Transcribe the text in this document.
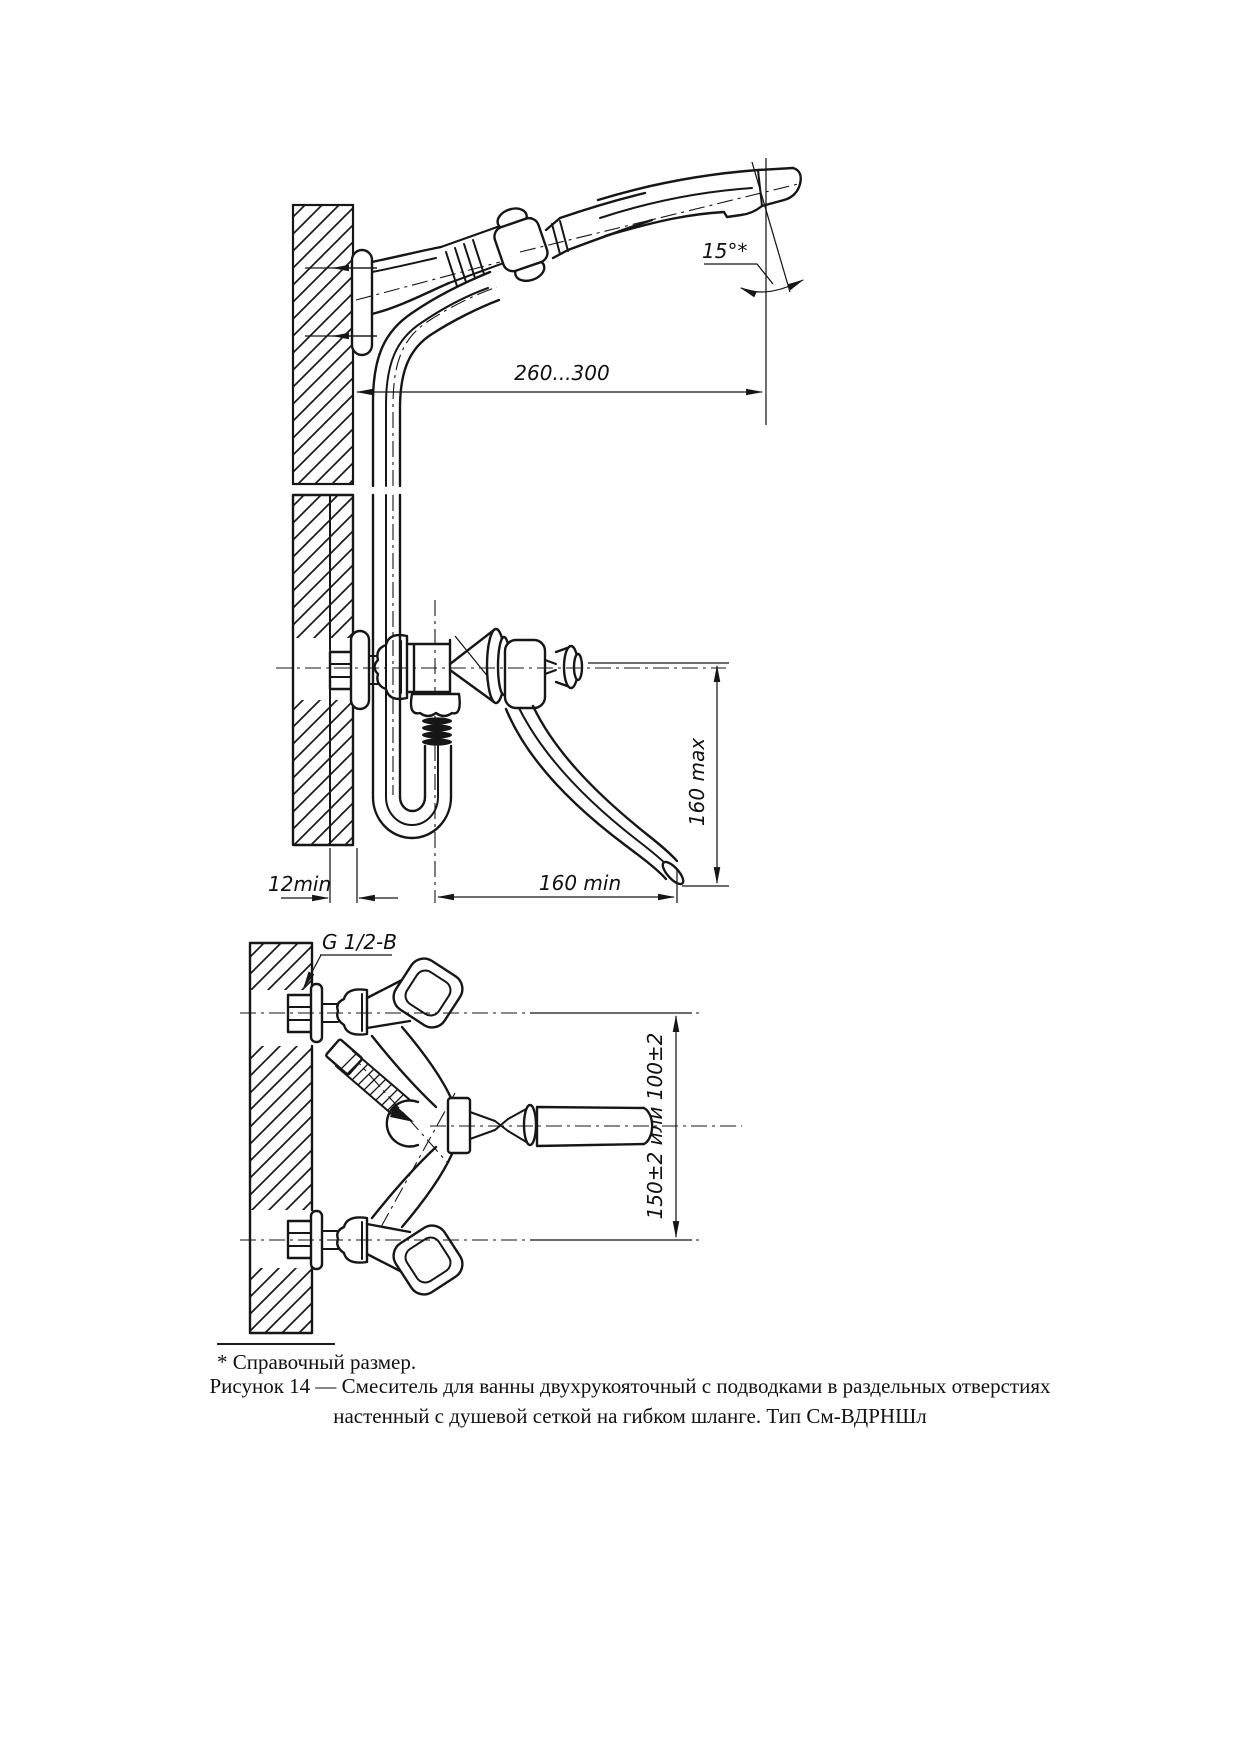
15°*
260...300
160 max
160 min
12min
G 1/2-B
150±2 или 100±2
* Справочный размер.
Рисунок 14 — Смеситель для ванны двухрукояточный с подводками в раздельных отверстиях
настенный с душевой сеткой на гибком шланге. Тип См-ВДРНШл
